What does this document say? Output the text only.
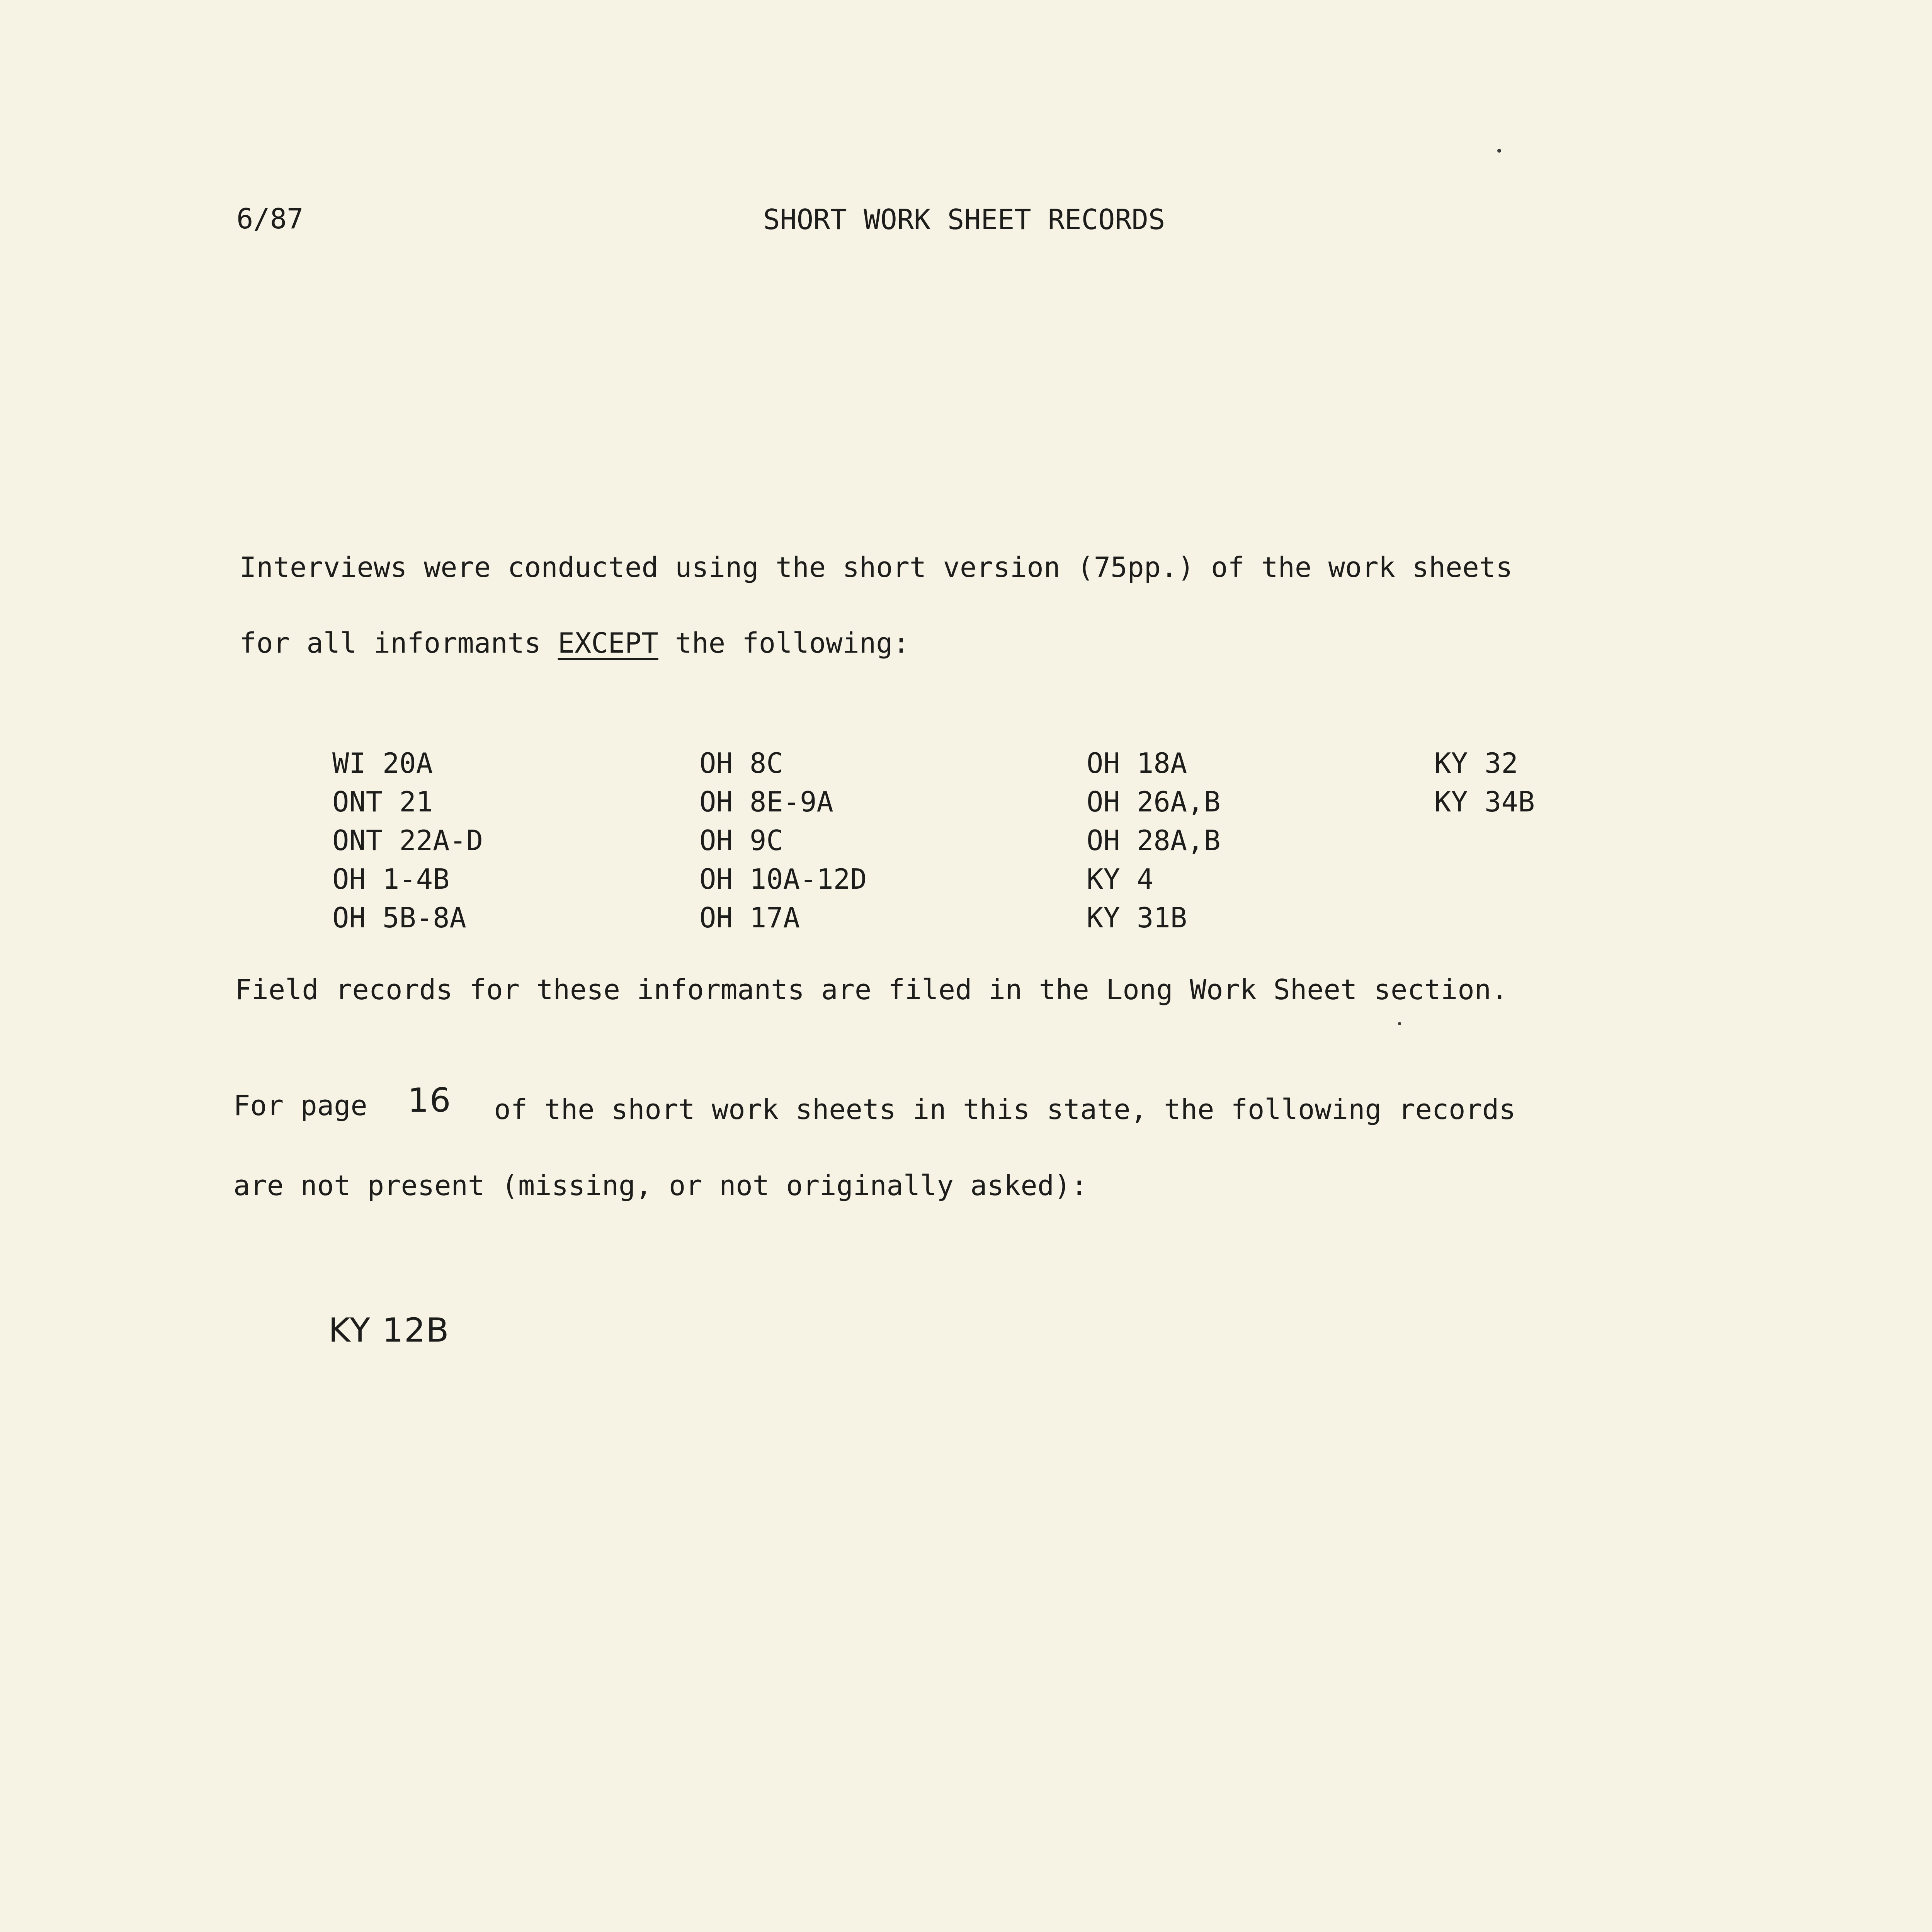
6/87	SHORT WORK SHEET RECORDS
Interviews were conducted using the short version (75pp.) of the work sheets
for all informants EXCEPT the following:
WI 20A
ONT 21
ONT 22A-D
OH 1-4B
OH 5B-8A
OH 8C
OH 8E-9A
OH 9C
OH 10A-12D
OH 17A
OH 18A
OH 26A,B
OH 28A,B
KY 4
KY 31B
KY 32
KY 34B
Field records for these informants are filed in the Long Work Sheet section.
For page 16 of the short work sheets in this state, the following records
are not present (missing, or not originally asked):
KY 12B
